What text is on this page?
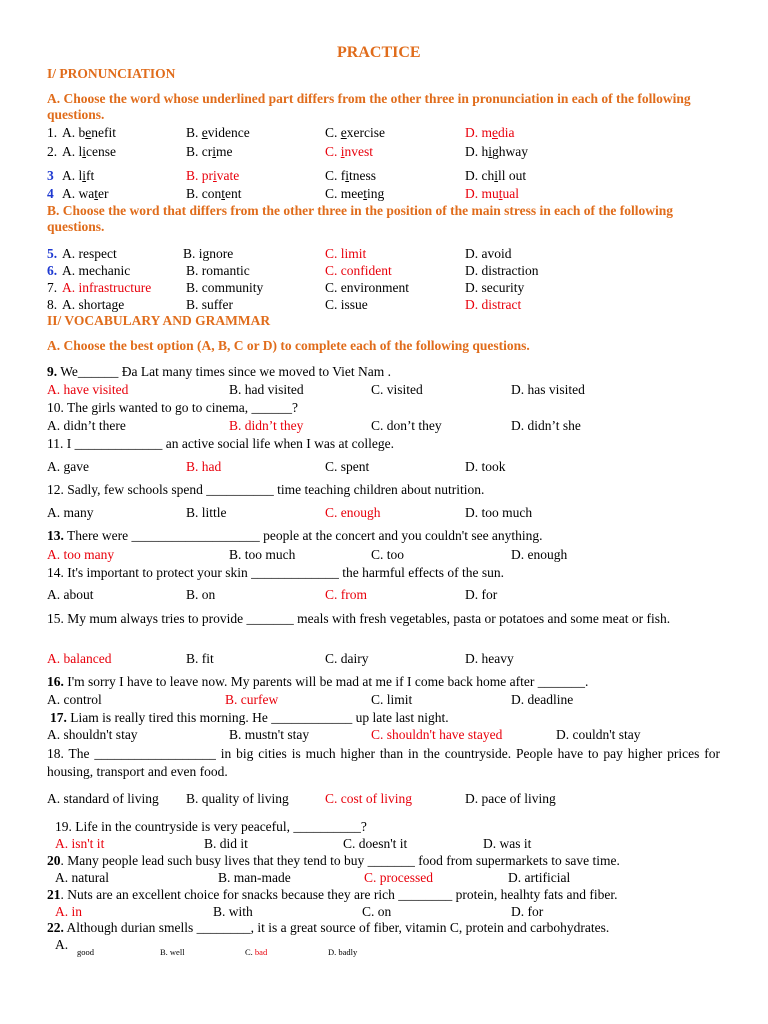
PRACTICE
I/ PRONUNCIATION
A. Choose the word whose underlined part differs from the other three in pronunciation in each of the following questions.
1. A. benefit	B. evidence	C. exercise	D. media
2. A. license	B. crime	C. invest	D. highway
3 A. lift	B. private	C. fitness	D. chill out
4 A. water	B. content	C. meeting	D. mutual
B. Choose the word that differs from the other three in the position of the main stress in each of the following questions.
5. A. respect	B. ignore	C. limit	D. avoid
6. A. mechanic	B. romantic	C. confident	D. distraction
7. A. infrastructure	B. community	C. environment	D. security
8. A. shortage	B. suffer	C. issue	D. distract
II/ VOCABULARY AND GRAMMAR
A. Choose the best option (A, B, C or D) to complete each of the following questions.
9. We______ Đa Lat many times since we moved to Viet Nam .
A. have visited	B. had visited	C. visited	D. has visited
10. The girls wanted to go to cinema, ______?
A. didn’t there	B. didn’t they	C. don’t they	D. didn’t she
11. I _____________ an active social life when I was at college.
A. gave	B. had	C. spent	D. took
12. Sadly, few schools spend __________ time teaching children about nutrition.
A. many	B. little	C. enough	D. too much
13. There were ___________________ people at the concert and you couldn't see anything.
A. too many	B. too much	C. too	D. enough
14. It's important to protect your skin _____________ the harmful effects of the sun.
A. about	B. on	C. from	D. for
15. My mum always tries to provide _______ meals with fresh vegetables, pasta or potatoes and some meat or fish.
A. balanced	B. fit	C. dairy	D. heavy
16. I'm sorry I have to leave now. My parents will be mad at me if I come back home after _______.
A. control	B. curfew	C. limit	D. deadline
17. Liam is really tired this morning. He ____________ up late last night.
A. shouldn't stay	B. mustn't stay	C. shouldn't have stayed	D. couldn't stay
18. The __________________ in big cities is much higher than in the countryside. People have to pay higher prices for housing, transport and even food.
A. standard of living B. quality of living	C. cost of living	D. pace of living
19. Life in the countryside is very peaceful, __________?
A. isn't it	B. did it	C. doesn't it	D. was it
20. Many people lead such busy lives that they tend to buy _______ food from supermarkets to save time.
A. natural	B. man-made	C. processed	D. artificial
21. Nuts are an excellent choice for snacks because they are rich ________ protein, healhty fats and fiber.
A. in	B. with	C. on	D. for
22. Although durian smells ________, it is a great source of fiber, vitamin C, protein and carbohydrates.
A. good	B. well	C. bad	D. badly
